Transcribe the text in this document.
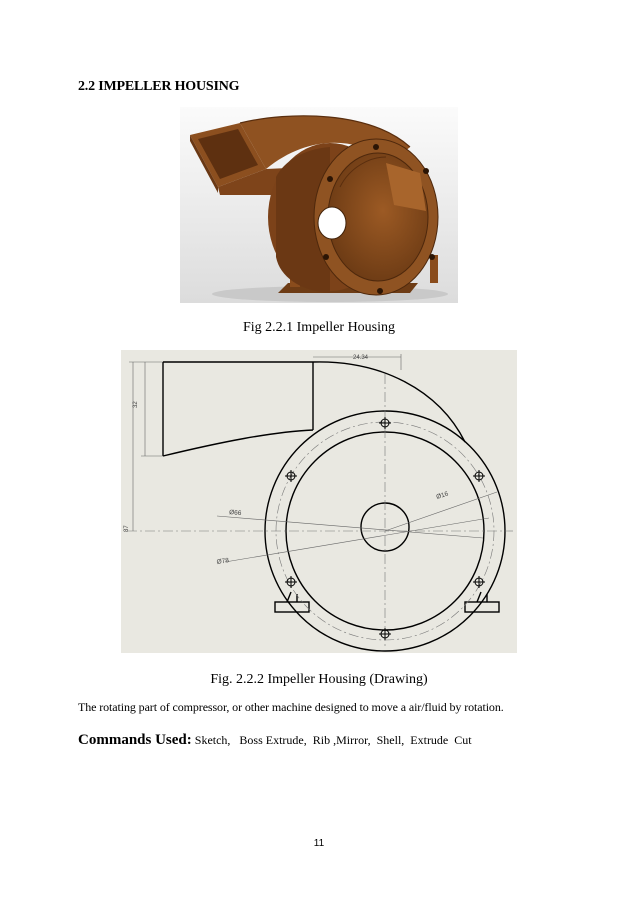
2.2 IMPELLER HOUSING
Fig 2.2.1 Impeller Housing
24.34
32
87
Ø66
Ø78
Ø16
Fig. 2.2.2 Impeller Housing (Drawing)
The rotating part of compressor, or other machine designed to move a air/fluid by rotation.
Commands Used: Sketch,   Boss Extrude,  Rib ,Mirror,  Shell,  Extrude  Cut
11
